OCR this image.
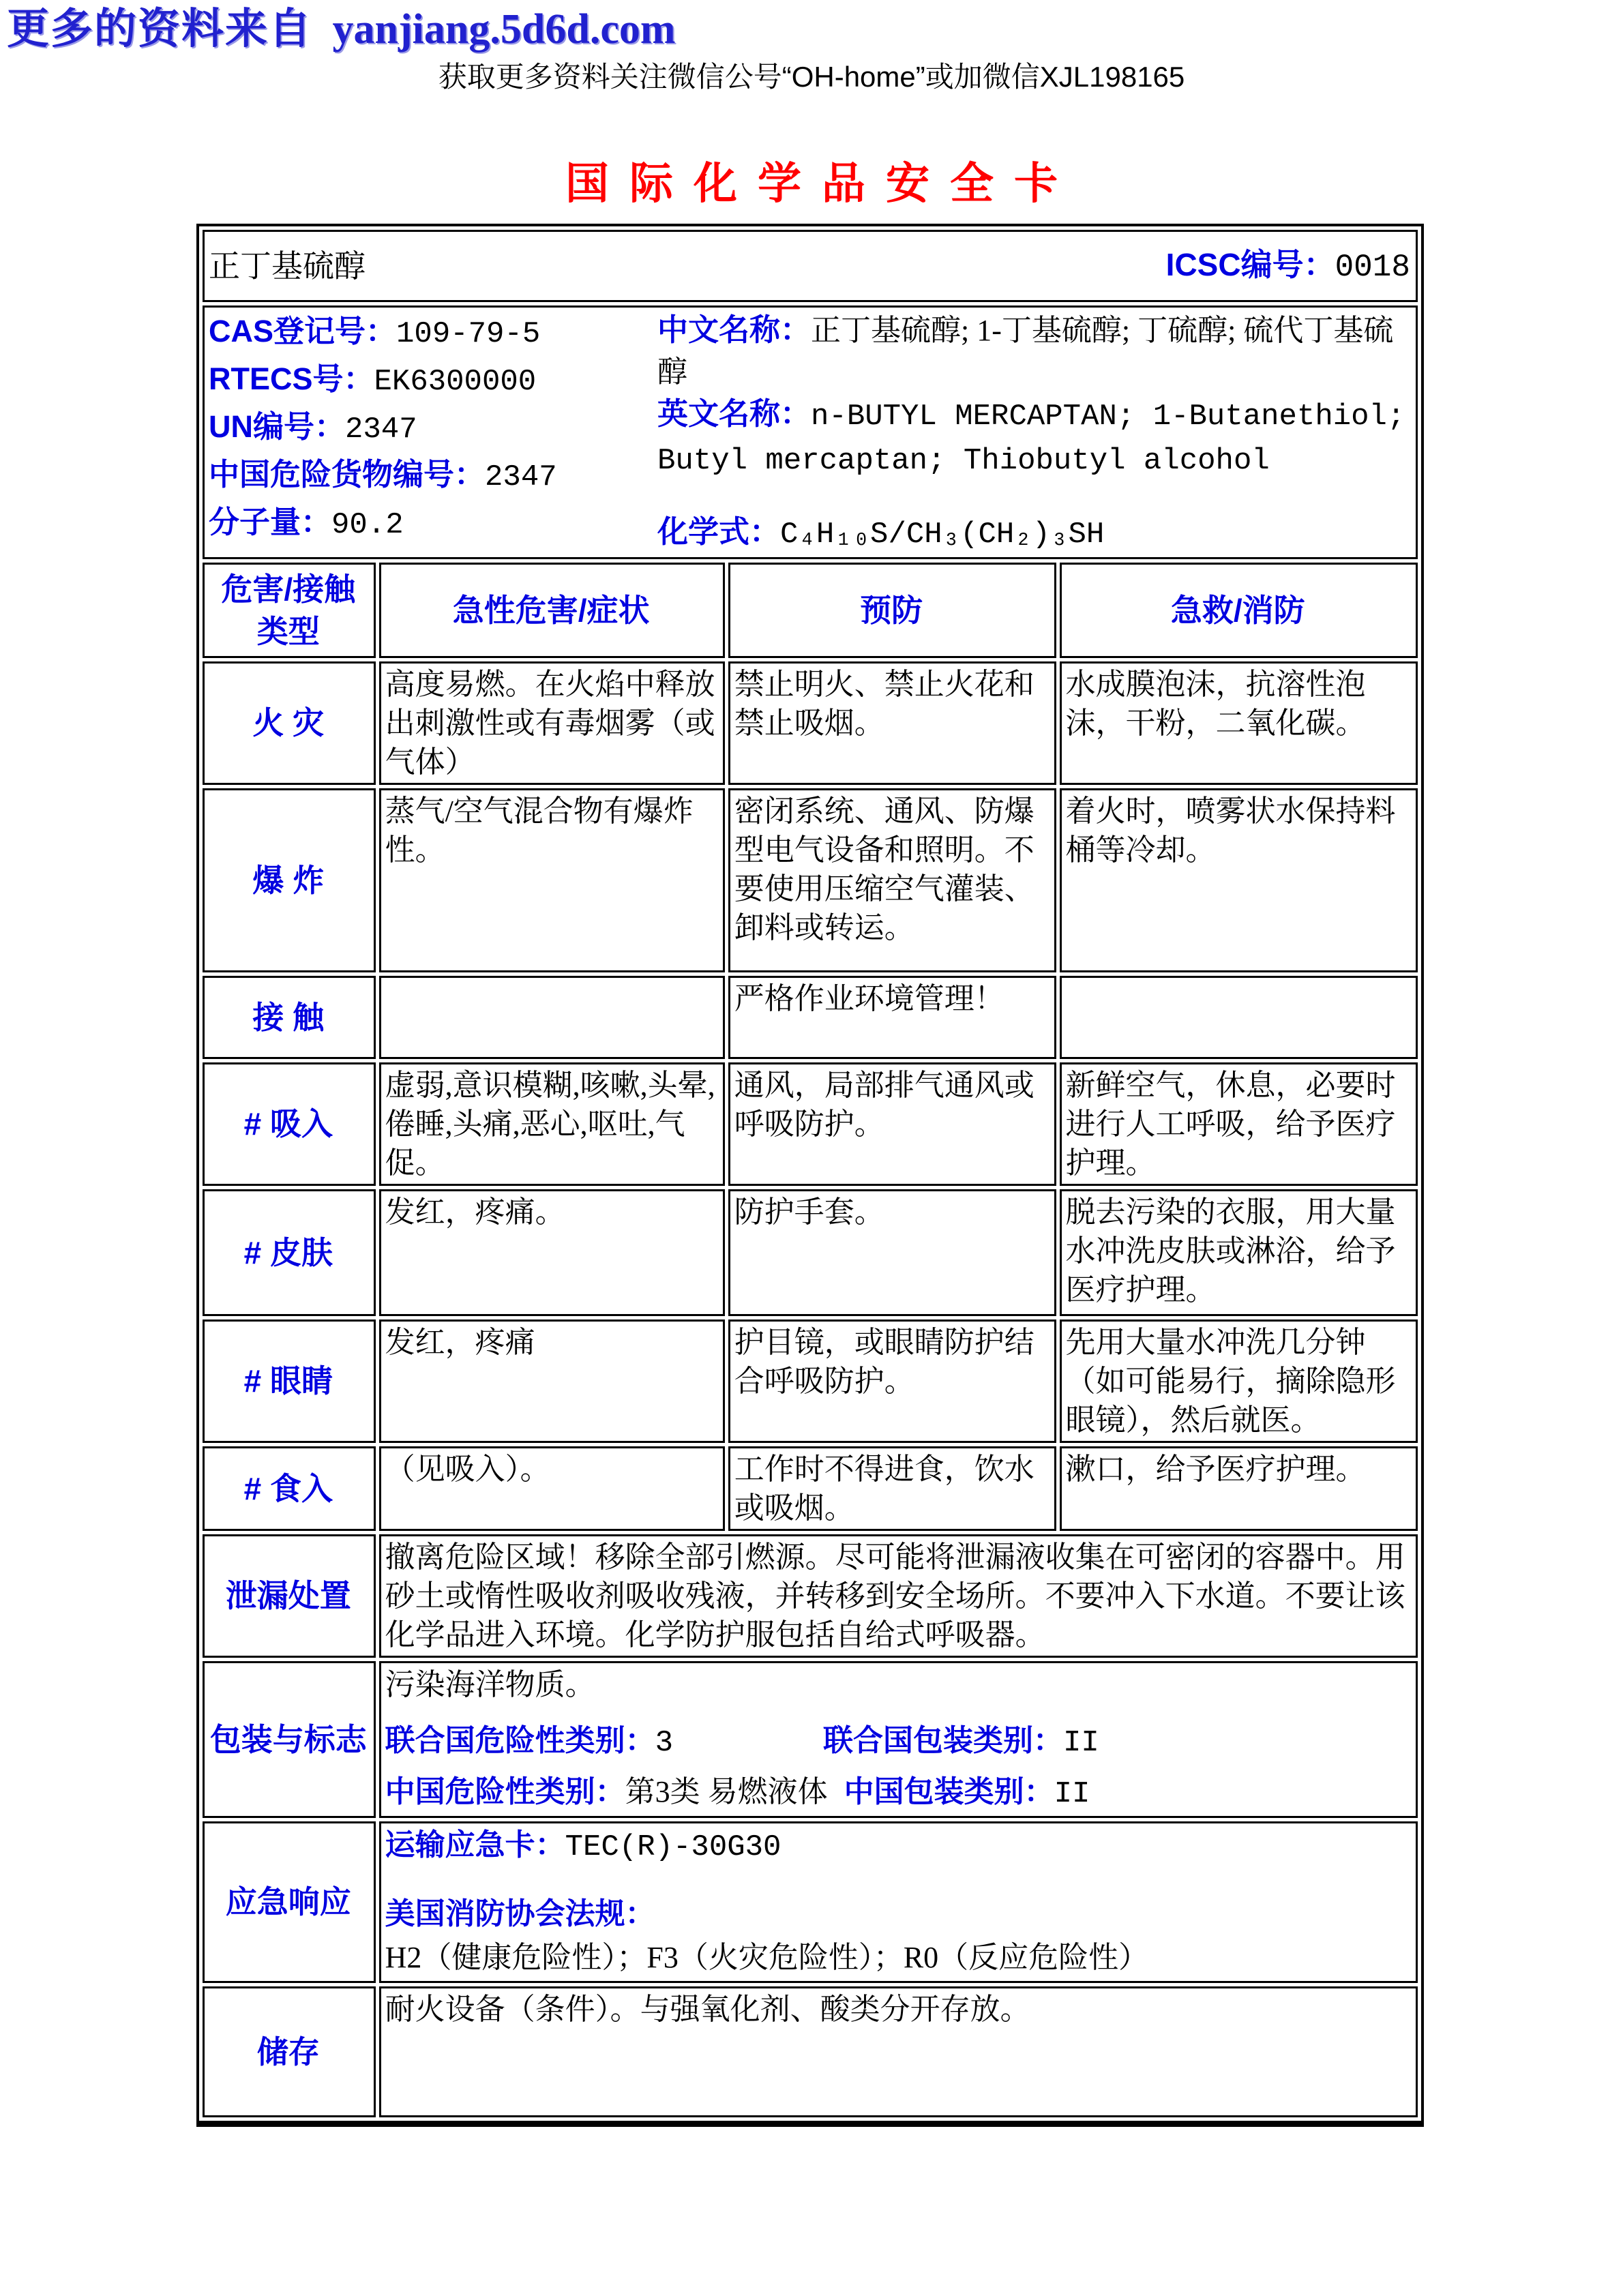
更多的资料来自 yanjiang.5d6d.com
获取更多资料关注微信公号“OH-home”或加微信XJL198165
国际化学品安全卡
正丁基硫醇 ICSC编号：0018			

CAS登记号：109-79-5
RTECS号：EK6300000
UN编号：2347
中国危险货物编号：2347
分子量：90.2
中文名称：正丁基硫醇; 1-丁基硫醇; 丁硫醇; 硫代丁基硫醇
英文名称：n-BUTYL MERCAPTAN; 1-Butanethiol; Butyl mercaptan; Thiobutyl alcohol
化学式：C₄H₁₀S/CH₃(CH₂)₃SH

危害/接触类型	急性危害/症状	预防	急救/消防
火 灾	高度易燃。在火焰中释放出刺激性或有毒烟雾（或气体）	禁止明火、禁止火花和禁止吸烟。	水成膜泡沫，抗溶性泡沫，干粉，二氧化碳。
爆 炸	蒸气/空气混合物有爆炸性。	密闭系统、通风、防爆型电气设备和照明。不要使用压缩空气灌装、卸料或转运。	着火时，喷雾状水保持料桶等冷却。
接 触		严格作业环境管理！	
# 吸入	虚弱,意识模糊,咳嗽,头晕,倦睡,头痛,恶心,呕吐,气促。	通风，局部排气通风或呼吸防护。	新鲜空气，休息，必要时进行人工呼吸，给予医疗护理。
# 皮肤	发红，疼痛。	防护手套。	脱去污染的衣服，用大量水冲洗皮肤或淋浴，给予医疗护理。
# 眼睛	发红，疼痛	护目镜，或眼睛防护结合呼吸防护。	先用大量水冲洗几分钟（如可能易行，摘除隐形眼镜），然后就医。
# 食入	（见吸入）。	工作时不得进食，饮水或吸烟。	漱口，给予医疗护理。
泄漏处置	撤离危险区域！移除全部引燃源。尽可能将泄漏液收集在可密闭的容器中。用砂土或惰性吸收剂吸收残液，并转移到安全场所。不要冲入下水道。不要让该化学品进入环境。化学防护服包括自给式呼吸器。		
包装与标志	污染海洋物质。
联合国危险性类别：3 联合国包装类别：II
中国危险性类别：第3类 易燃液体 中国包装类别：II		

应急响应	运输应急卡：TEC(R)-30G30
美国消防协会法规：H2（健康危险性）；F3（火灾危险性）；R0（反应危险性）		

储存	耐火设备（条件）。与强氧化剂、酸类分开存放。		
